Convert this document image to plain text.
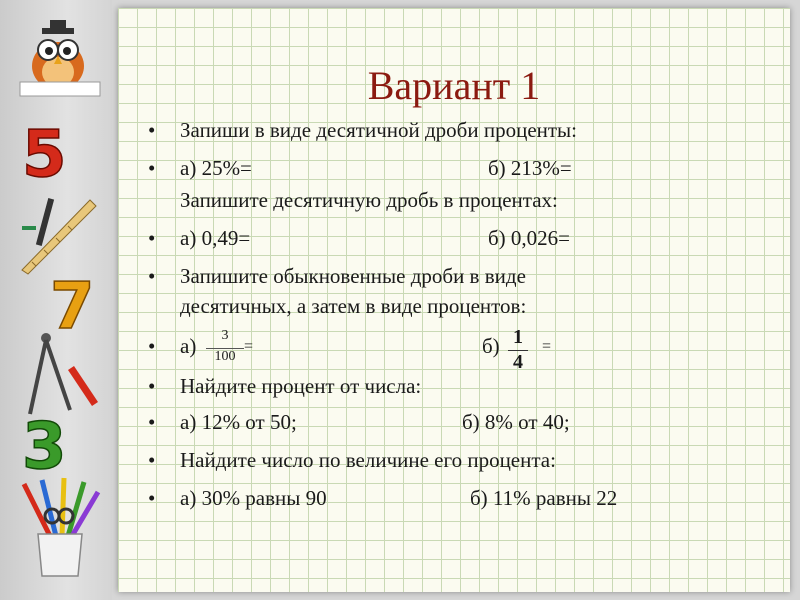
5
7
3
Вариант 1
•	Запиши в виде десятичной дроби проценты:
•	а) 25%=	б) 213%=
Запишите десятичную дробь в процентах:
•	а) 0,49=	б) 0,026=
•	Запишите обыкновенные дроби в виде
десятичных, а затем в виде процентов:
•	а)	3
100
=	б) 1
4
=
•	Найдите процент от числа:
•	а) 12% от 50;	б) 8% от 40;
•	Найдите число по величине его процента:
•	а) 30% равны 90	б) 11% равны 22
